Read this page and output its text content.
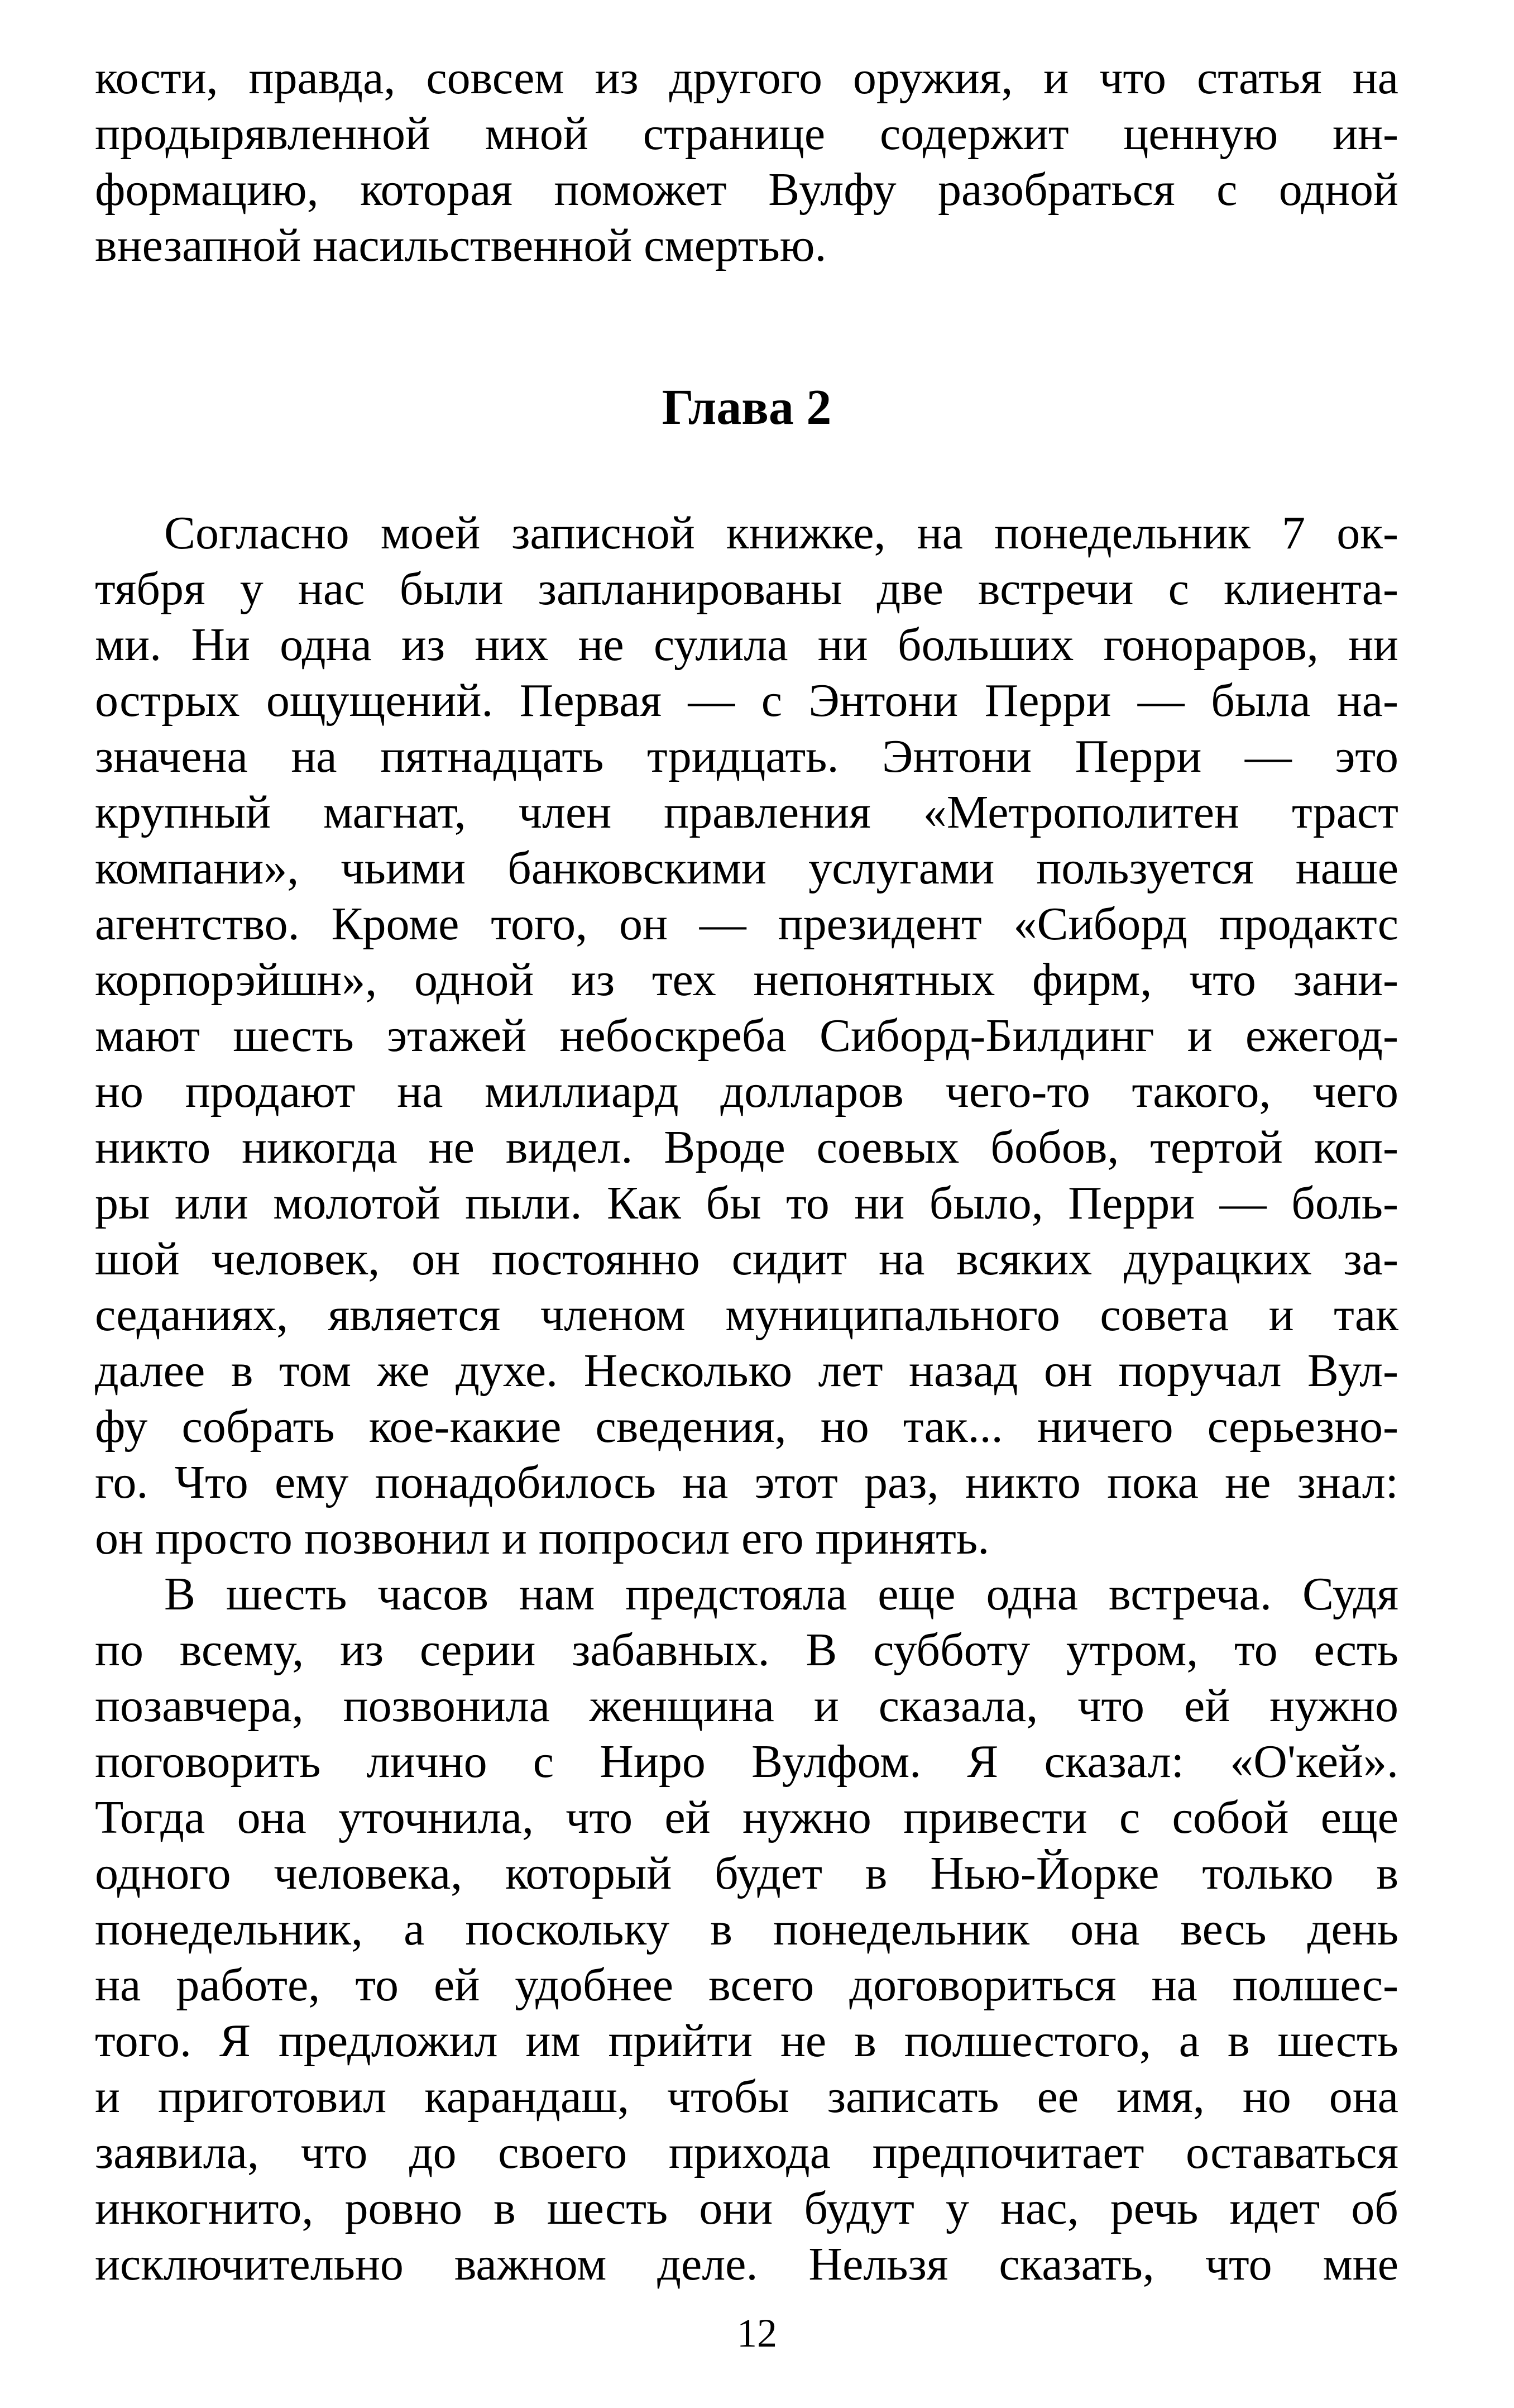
кости, правда, совсем из другого оружия, и что статья на
продырявленной мной странице содержит ценную ин-
формацию, которая поможет Вулфу разобраться с одной
внезапной насильственной смертью.
Глава 2
Согласно моей записной книжке, на понедельник 7 ок-
тября у нас были запланированы две встречи с клиента-
ми. Ни одна из них не сулила ни больших гонораров, ни
острых ощущений. Первая — с Энтони Перри — была на-
значена на пятнадцать тридцать. Энтони Перри — это
крупный магнат, член правления «Метрополитен траст
компани», чьими банковскими услугами пользуется наше
агентство. Кроме того, он — президент «Сиборд продактс
корпорэйшн», одной из тех непонятных фирм, что зани-
мают шесть этажей небоскреба Сиборд-Билдинг и ежегод-
но продают на миллиард долларов чего-то такого, чего
никто никогда не видел. Вроде соевых бобов, тертой коп-
ры или молотой пыли. Как бы то ни было, Перри — боль-
шой человек, он постоянно сидит на всяких дурацких за-
седаниях, является членом муниципального совета и так
далее в том же духе. Несколько лет назад он поручал Вул-
фу собрать кое-какие сведения, но так... ничего серьезно-
го. Что ему понадобилось на этот раз, никто пока не знал:
он просто позвонил и попросил его принять.
В шесть часов нам предстояла еще одна встреча. Судя
по всему, из серии забавных. В субботу утром, то есть
позавчера, позвонила женщина и сказала, что ей нужно
поговорить лично с Ниро Вулфом. Я сказал: «О'кей».
Тогда она уточнила, что ей нужно привести с собой еще
одного человека, который будет в Нью-Йорке только в
понедельник, а поскольку в понедельник она весь день
на работе, то ей удобнее всего договориться на полшес-
того. Я предложил им прийти не в полшестого, а в шесть
и приготовил карандаш, чтобы записать ее имя, но она
заявила, что до своего прихода предпочитает оставаться
инкогнито, ровно в шесть они будут у нас, речь идет об
исключительно важном деле. Нельзя сказать, что мне
12
